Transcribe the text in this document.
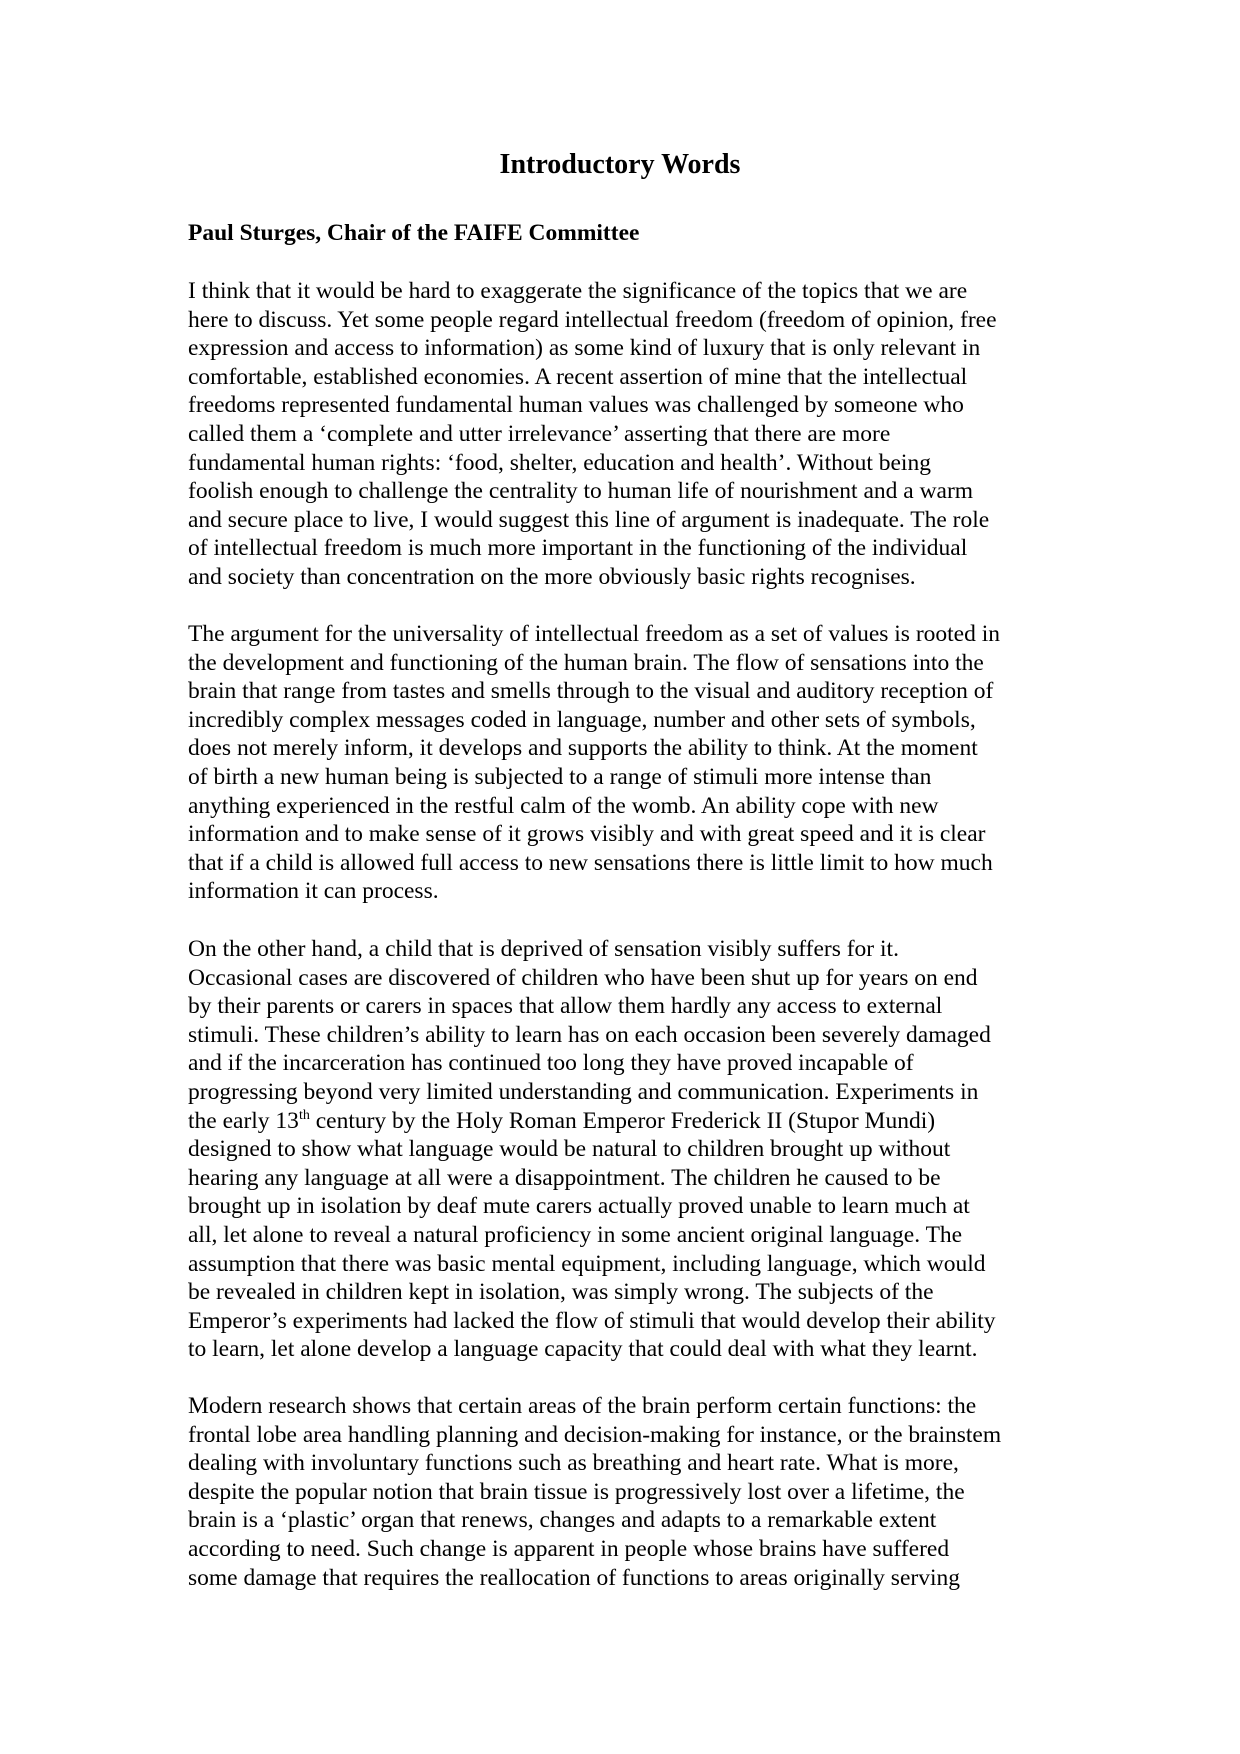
Introductory Words

Paul Sturges, Chair of the FAIFE Committee

I think that it would be hard to exaggerate the significance of the topics that we are
here to discuss. Yet some people regard intellectual freedom (freedom of opinion, free
expression and access to information) as some kind of luxury that is only relevant in
comfortable, established economies. A recent assertion of mine that the intellectual
freedoms represented fundamental human values was challenged by someone who
called them a ‘complete and utter irrelevance’ asserting that there are more
fundamental human rights: ‘food, shelter, education and health’. Without being
foolish enough to challenge the centrality to human life of nourishment and a warm
and secure place to live, I would suggest this line of argument is inadequate. The role
of intellectual freedom is much more important in the functioning of the individual
and society than concentration on the more obviously basic rights recognises.
The argument for the universality of intellectual freedom as a set of values is rooted in
the development and functioning of the human brain. The flow of sensations into the
brain that range from tastes and smells through to the visual and auditory reception of
incredibly complex messages coded in language, number and other sets of symbols,
does not merely inform, it develops and supports the ability to think. At the moment
of birth a new human being is subjected to a range of stimuli more intense than
anything experienced in the restful calm of the womb. An ability cope with new
information and to make sense of it grows visibly and with great speed and it is clear
that if a child is allowed full access to new sensations there is little limit to how much
information it can process.
On the other hand, a child that is deprived of sensation visibly suffers for it.
Occasional cases are discovered of children who have been shut up for years on end
by their parents or carers in spaces that allow them hardly any access to external
stimuli. These children’s ability to learn has on each occasion been severely damaged
and if the incarceration has continued too long they have proved incapable of
progressing beyond very limited understanding and communication. Experiments in
the early 13th century by the Holy Roman Emperor Frederick II (Stupor Mundi)
designed to show what language would be natural to children brought up without
hearing any language at all were a disappointment. The children he caused to be
brought up in isolation by deaf mute carers actually proved unable to learn much at
all, let alone to reveal a natural proficiency in some ancient original language. The
assumption that there was basic mental equipment, including language, which would
be revealed in children kept in isolation, was simply wrong. The subjects of the
Emperor’s experiments had lacked the flow of stimuli that would develop their ability
to learn, let alone develop a language capacity that could deal with what they learnt.
Modern research shows that certain areas of the brain perform certain functions: the
frontal lobe area handling planning and decision-making for instance, or the brainstem
dealing with involuntary functions such as breathing and heart rate. What is more,
despite the popular notion that brain tissue is progressively lost over a lifetime, the
brain is a ‘plastic’ organ that renews, changes and adapts to a remarkable extent
according to need. Such change is apparent in people whose brains have suffered
some damage that requires the reallocation of functions to areas originally serving
